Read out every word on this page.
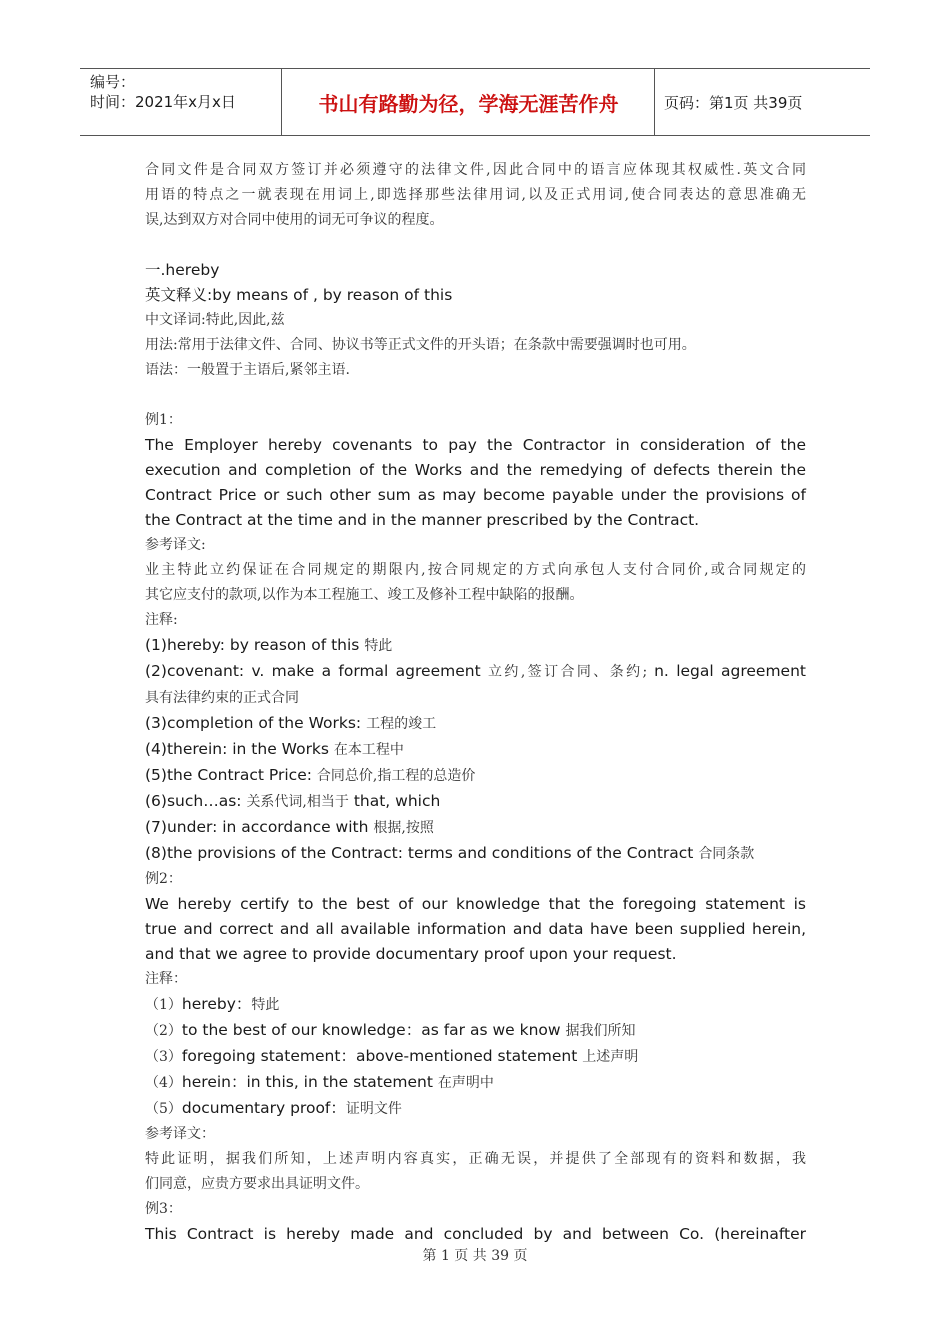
编号：
时间：2021年x月x日	书山有路勤为径，学海无涯苦作舟	页码：第1页 共39页
合同文件是合同双方签订并必须遵守的法律文件,因此合同中的语言应体现其权威性.英文合同
用语的特点之一就表现在用词上,即选择那些法律用词,以及正式用词,使合同表达的意思准确无
误,达到双方对合同中使用的词无可争议的程度。
一.hereby
英文释义:by means of , by reason of this
中文译词:特此,因此,兹
用法:常用于法律文件、合同、协议书等正式文件的开头语；在条款中需要强调时也可用。
语法：一般置于主语后,紧邻主语.
例1：
The Employer hereby covenants to pay the Contractor in consideration of the
execution and completion of the Works and the remedying of defects therein the
Contract Price or such other sum as may become payable under the provisions of
the Contract at the time and in the manner prescribed by the Contract.
参考译文:
业主特此立约保证在合同规定的期限内,按合同规定的方式向承包人支付合同价,或合同规定的
其它应支付的款项,以作为本工程施工、竣工及修补工程中缺陷的报酬。
注释:
(1)hereby: by reason of this 特此
(2)covenant: v. make a formal agreement 立约,签订合同、条约; n. legal agreement
具有法律约束的正式合同
(3)completion of the Works: 工程的竣工
(4)therein: in the Works 在本工程中
(5)the Contract Price: 合同总价,指工程的总造价
(6)such…as: 关系代词,相当于 that, which
(7)under: in accordance with 根据,按照
(8)the provisions of the Contract: terms and conditions of the Contract 合同条款
例2：
We hereby certify to the best of our knowledge that the foregoing statement is
true and correct and all available information and data have been supplied herein,
and that we agree to provide documentary proof upon your request.
注释：
（1）hereby：特此
（2）to the best of our knowledge：as far as we know 据我们所知
（3）foregoing statement：above-mentioned statement 上述声明
（4）herein：in this, in the statement 在声明中
（5）documentary proof：证明文件
参考译文：
特此证明，据我们所知，上述声明内容真实，正确无误，并提供了全部现有的资料和数据，我
们同意，应贵方要求出具证明文件。
例3：
This Contract is hereby made and concluded by and between Co. (hereinafter
第 1 页 共 39 页
